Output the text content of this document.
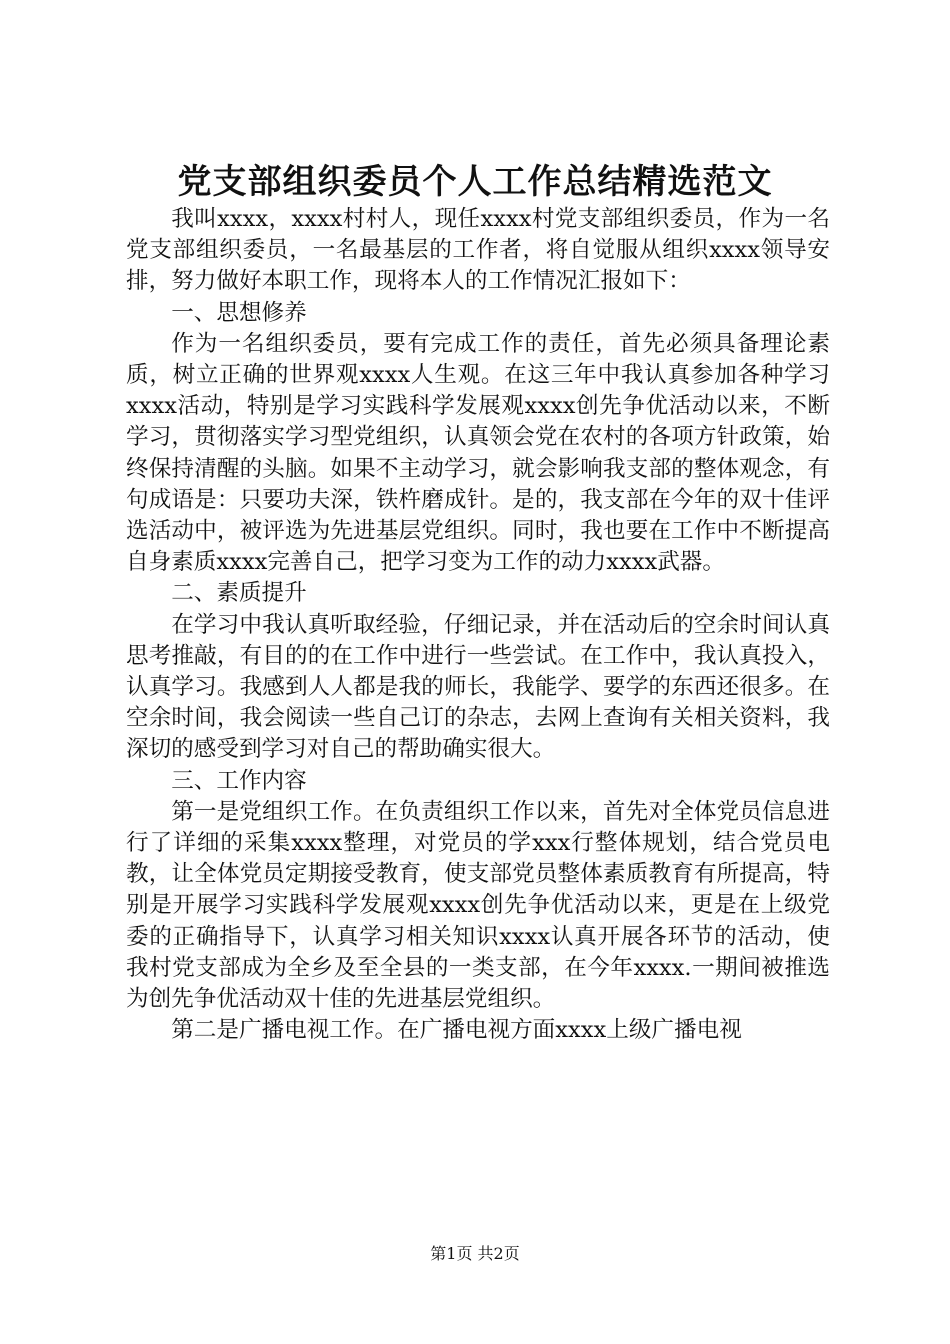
党支部组织委员个人工作总结精选范文

我叫xxxx，xxxx村村人，现任xxxx村党支部组织委员，作为一名党支部组织委员，一名最基层的工作者，将自觉服从组织xxxx领导安排，努力做好本职工作，现将本人的工作情况汇报如下：

一、思想修养

作为一名组织委员，要有完成工作的责任，首先必须具备理论素质，树立正确的世界观xxxx人生观。在这三年中我认真参加各种学习xxxx活动，特别是学习实践科学发展观xxxx创先争优活动以来，不断学习，贯彻落实学习型党组织，认真领会党在农村的各项方针政策，始终保持清醒的头脑。如果不主动学习，就会影响我支部的整体观念，有句成语是：只要功夫深，铁杵磨成针。是的，我支部在今年的双十佳评选活动中，被评选为先进基层党组织。同时，我也要在工作中不断提高自身素质xxxx完善自己，把学习变为工作的动力xxxx武器。

二、素质提升

在学习中我认真听取经验，仔细记录，并在活动后的空余时间认真思考推敲，有目的的在工作中进行一些尝试。在工作中，我认真投入，认真学习。我感到人人都是我的师长，我能学、要学的东西还很多。在空余时间，我会阅读一些自己订的杂志，去网上查询有关相关资料，我深切的感受到学习对自己的帮助确实很大。

三、工作内容

第一是党组织工作。在负责组织工作以来，首先对全体党员信息进行了详细的采集xxxx整理，对党员的学xxx行整体规划，结合党员电教，让全体党员定期接受教育，使支部党员整体素质教育有所提高，特别是开展学习实践科学发展观xxxx创先争优活动以来，更是在上级党委的正确指导下，认真学习相关知识xxxx认真开展各环节的活动，使我村党支部成为全乡及至全县的一类支部，在今年xxxx.一期间被推选为创先争优活动双十佳的先进基层党组织。

第二是广播电视工作。在广播电视方面xxxx上级广播电视

第1页 共2页
